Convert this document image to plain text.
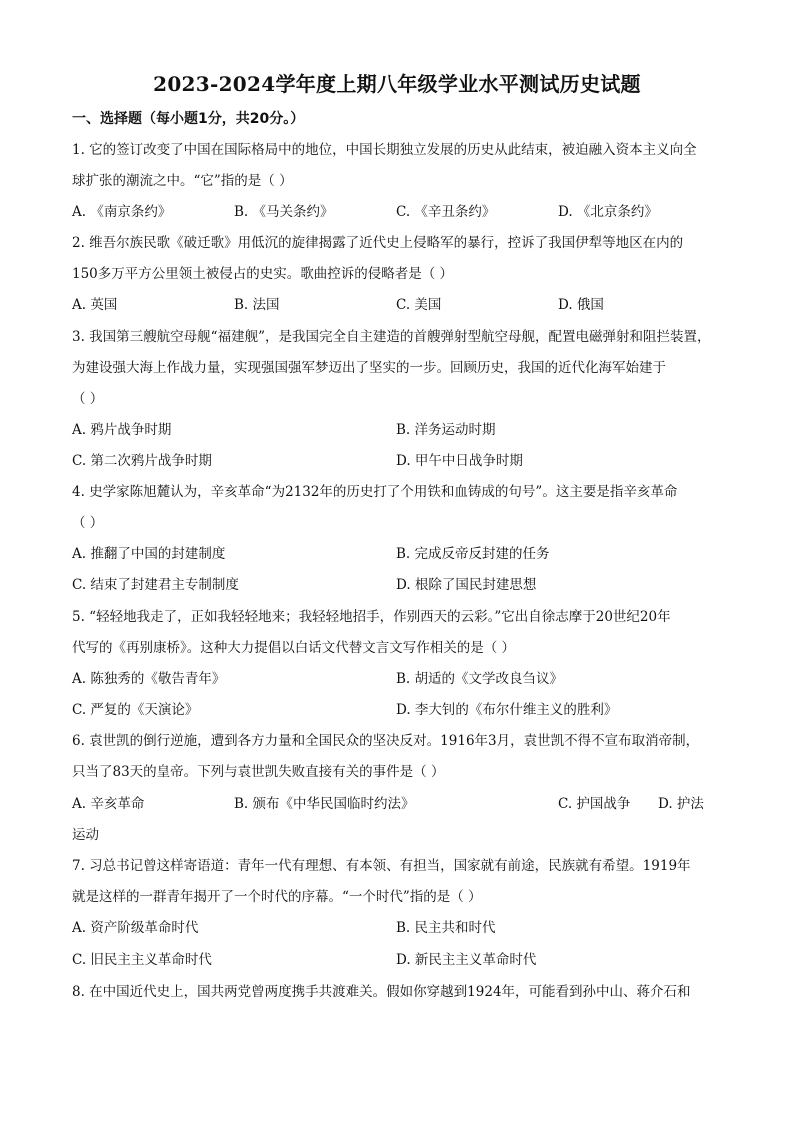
2023-2024学年度上期八年级学业水平测试历史试题
一、选择题（每小题1分，共20分。）
1. 它的签订改变了中国在国际格局中的地位，中国长期独立发展的历史从此结束，被迫融入资本主义向全
球扩张的潮流之中。“它”指的是（ ）
A. 《南京条约》	B. 《马关条约》	C. 《辛丑条约》	D. 《北京条约》
2. 维吾尔族民歌《破迁歌》用低沉的旋律揭露了近代史上侵略军的暴行，控诉了我国伊犁等地区在内的
150多万平方公里领土被侵占的史实。歌曲控诉的侵略者是（ ）
A. 英国	B. 法国	C. 美国	D. 俄国
3. 我国第三艘航空母舰“福建舰”，是我国完全自主建造的首艘弹射型航空母舰，配置电磁弹射和阻拦装置，
为建设强大海上作战力量，实现强国强军梦迈出了坚实的一步。回顾历史，我国的近代化海军始建于
（ ）
A. 鸦片战争时期	B. 洋务运动时期
C. 第二次鸦片战争时期	D. 甲午中日战争时期
4. 史学家陈旭麓认为，辛亥革命“为2132年的历史打了个用铁和血铸成的句号”。这主要是指辛亥革命
（ ）
A. 推翻了中国的封建制度	B. 完成反帝反封建的任务
C. 结束了封建君主专制制度	D. 根除了国民封建思想
5. “轻轻地我走了，正如我轻轻地来；我轻轻地招手，作别西天的云彩。”它出自徐志摩于20世纪20年
代写的《再别康桥》。这种大力提倡以白话文代替文言文写作相关的是（ ）
A. 陈独秀的《敬告青年》	B. 胡适的《文学改良刍议》
C. 严复的《天演论》	D. 李大钊的《布尔什维主义的胜利》
6. 袁世凯的倒行逆施，遭到各方力量和全国民众的坚决反对。1916年3月，袁世凯不得不宣布取消帝制，
只当了83天的皇帝。下列与袁世凯失败直接有关的事件是（ ）
A. 辛亥革命	B. 颁布《中华民国临时约法》	C. 护国战争 D. 护法
运动
7. 习总书记曾这样寄语道：青年一代有理想、有本领、有担当，国家就有前途，民族就有希望。1919年
就是这样的一群青年揭开了一个时代的序幕。“一个时代”指的是（ ）
A. 资产阶级革命时代	B. 民主共和时代
C. 旧民主主义革命时代	D. 新民主主义革命时代
8. 在中国近代史上，国共两党曾两度携手共渡难关。假如你穿越到1924年，可能看到孙中山、蒋介石和
